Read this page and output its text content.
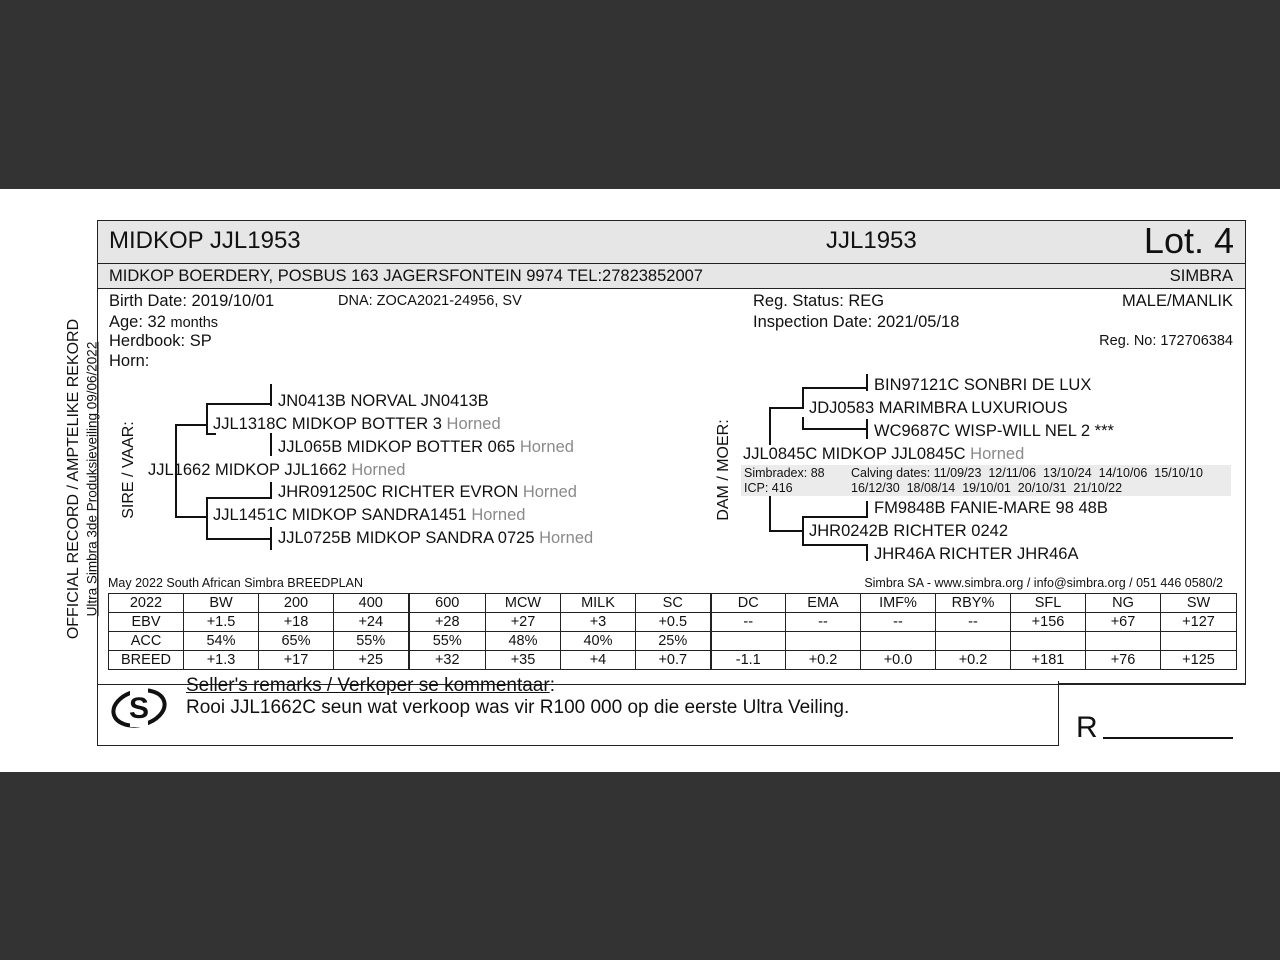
OFFICIAL RECORD / AMPTELIKE REKORD Ultra Simbra 3de Produksieveiling 09/06/2022
MIDKOP JJL1953	JJL1953	Lot. 4
MIDKOP BOERDERY, POSBUS 163 JAGERSFONTEIN 9974 TEL:27823852007	SIMBRA
Birth Date: 2019/10/01	DNA: ZOCA2021-24956, SV
Age: 32 months
Herdbook: SP
Horn:
Reg. Status: REG
Inspection Date: 2021/05/18
MALE/MANLIK
Reg. No: 172706384
SIRE / VAAR:
JN0413B NORVAL JN0413B
JJL1318C MIDKOP BOTTER 3 Horned
JJL065B MIDKOP BOTTER 065 Horned
JJL1662 MIDKOP JJL1662 Horned
JHR091250C RICHTER EVRON Horned
JJL1451C MIDKOP SANDRA1451 Horned
JJL0725B MIDKOP SANDRA 0725 Horned
DAM / MOER:
BIN97121C SONBRI DE LUX
JDJ0583 MARIMBRA LUXURIOUS
WC9687C WISP-WILL NEL 2 ***
JJL0845C MIDKOP JJL0845C Horned
Simbradex: 88
ICP: 416
Calving dates: 11/09/23  12/11/06  13/10/24  14/10/06  15/10/10
16/12/30  18/08/14  19/10/01  20/10/31  21/10/22
FM9848B FANIE-MARE 98 48B
JHR0242B RICHTER 0242
JHR46A RICHTER JHR46A
May 2022 South African Simbra BREEDPLAN	Simbra SA - www.simbra.org / info@simbra.org / 051 446 0580/2
2022	BW	200	400	600	MCW	MILK	SC	DC	EMA	IMF%	RBY%	SFL	NG	SW
EBV	+1.5	+18	+24	+28	+27	+3	+0.5	--	--	--	--	+156	+67	+127
ACC	54%	65%	55%	55%	48%	40%	25%							
BREED	+1.3	+17	+25	+32	+35	+4	+0.7	-1.1	+0.2	+0.0	+0.2	+181	+76	+125
S
Seller's remarks / Verkoper se kommentaar:
Rooi JJL1662C seun wat verkoop was vir R100 000 op die eerste Ultra Veiling.
R
